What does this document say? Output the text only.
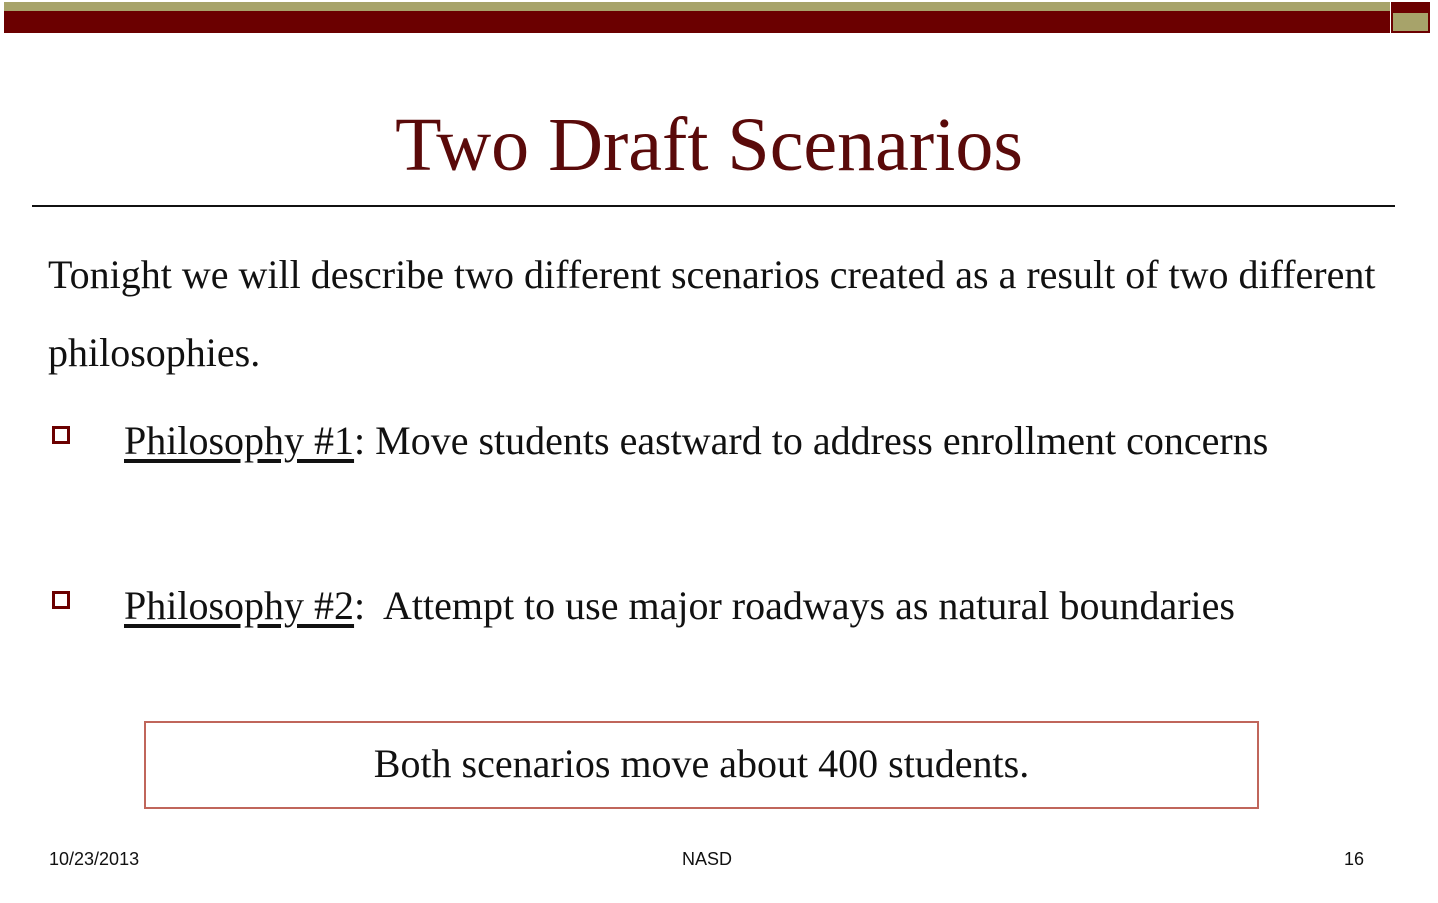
Two Draft Scenarios

Tonight we will describe two different scenarios created as a result of two different philosophies.

Philosophy #1: Move students eastward to address enrollment concerns

Philosophy #2:  Attempt to use major roadways as natural boundaries

Both scenarios move about 400 students.

10/23/2013	NASD	16
